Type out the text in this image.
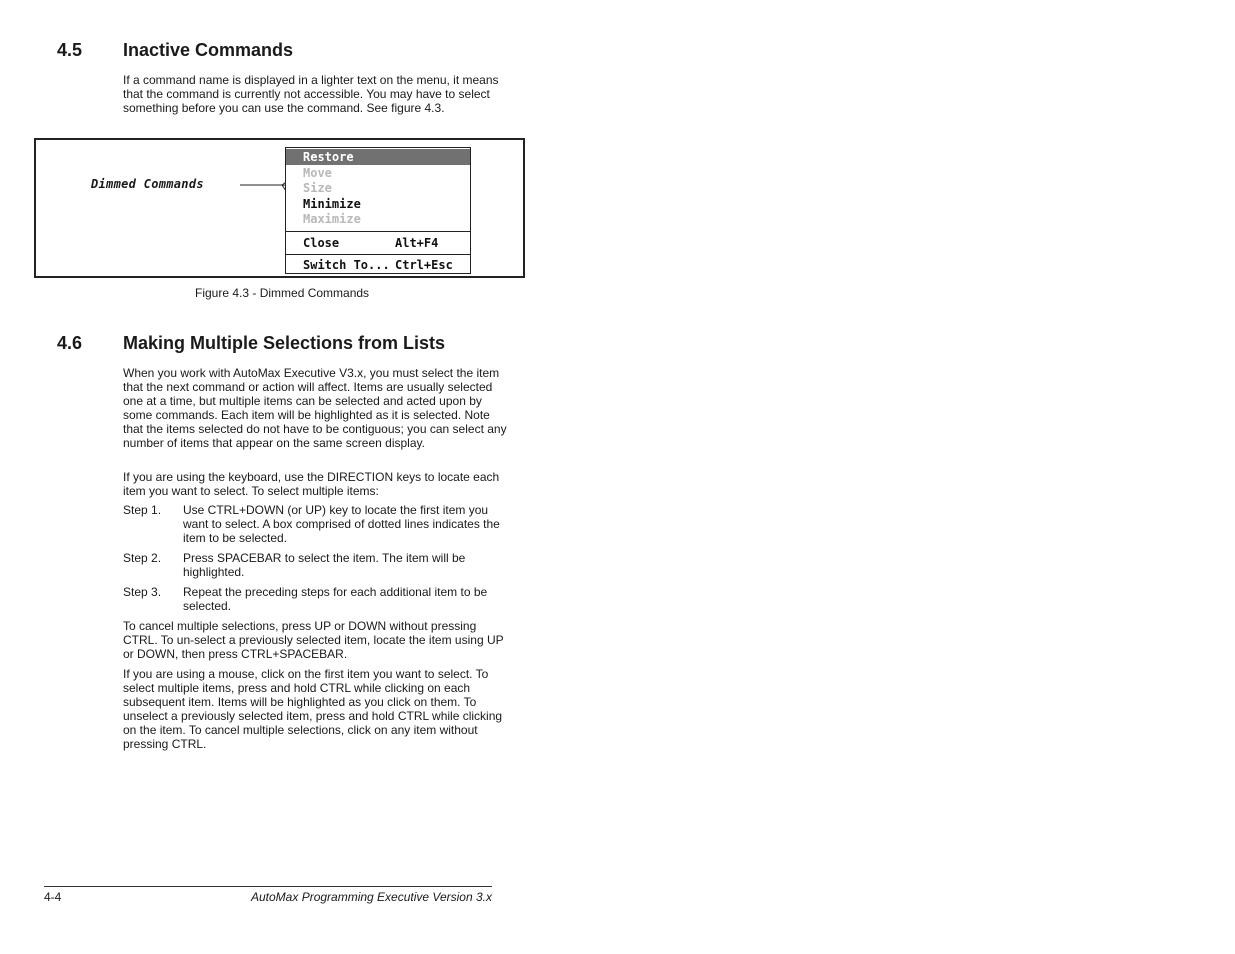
4.5 Inactive Commands

If a command name is displayed in a lighter text on the menu, it means that the command is currently not accessible. You may have to select something before you can use the command. See figure 4.3.

Dimmed Commands
Restore
Move
Size
Minimize
Maximize
Close	Alt+F4
Switch To... Ctrl+Esc
Figure 4.3 - Dimmed Commands
4.6 Making Multiple Selections from Lists

When you work with AutoMax Executive V3.x, you must select the item that the next command or action will affect. Items are usually selected one at a time, but multiple items can be selected and acted upon by some commands. Each item will be highlighted as it is selected. Note that the items selected do not have to be contiguous; you can select any number of items that appear on the same screen display.

If you are using the keyboard, use the DIRECTION keys to locate each item you want to select. To select multiple items:

Step 1. Use CTRL+DOWN (or UP) key to locate the first item you want to select. A box comprised of dotted lines indicates the item to be selected.
Step 2. Press SPACEBAR to select the item. The item will be highlighted.
Step 3. Repeat the preceding steps for each additional item to be selected.

To cancel multiple selections, press UP or DOWN without pressing CTRL. To un-select a previously selected item, locate the item using UP or DOWN, then press CTRL+SPACEBAR.

If you are using a mouse, click on the first item you want to select. To select multiple items, press and hold CTRL while clicking on each subsequent item. Items will be highlighted as you click on them. To unselect a previously selected item, press and hold CTRL while clicking on the item. To cancel multiple selections, click on any item without pressing CTRL.

4-4	AutoMax Programming Executive Version 3.x
